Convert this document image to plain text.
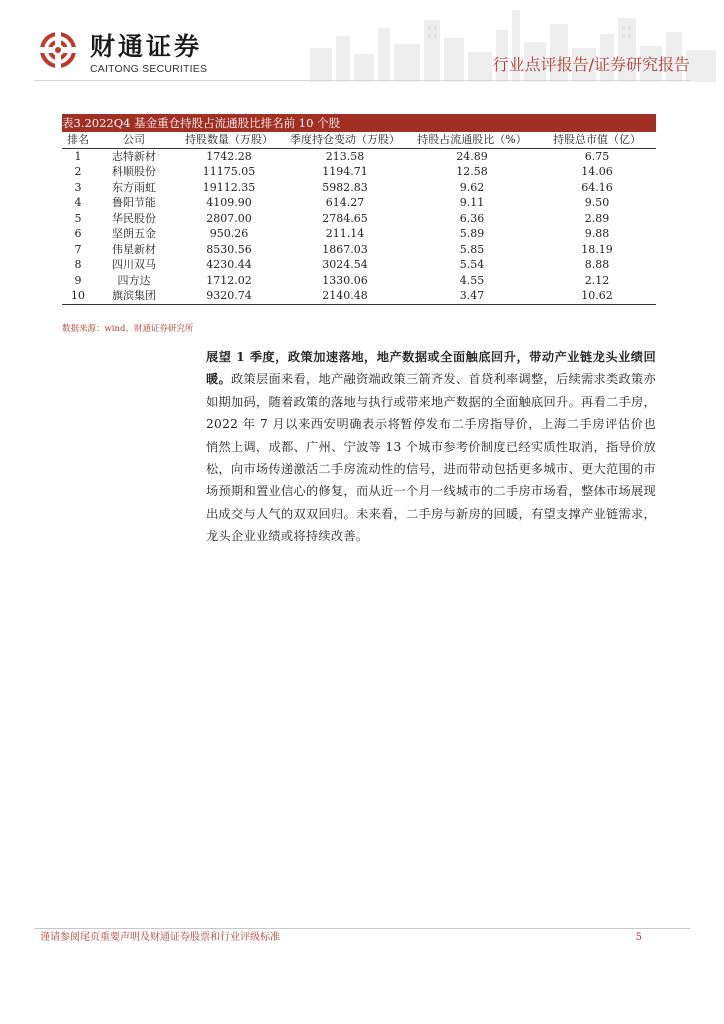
财通证券
CAITONG SECURITIES	行业点评报告/证券研究报告
表3.2022Q4 基金重仓持股占流通股比排名前 10 个股
排名	公司	持股数量（万股）	季度持仓变动（万股）	持股占流通股比（%）	持股总市值（亿）
1	志特新材	1742.28	213.58	24.89	6.75
2	科顺股份	11175.05	1194.71	12.58	14.06
3	东方雨虹	19112.35	5982.83	9.62	64.16
4	鲁阳节能	4109.90	614.27	9.11	9.50
5	华民股份	2807.00	2784.65	6.36	2.89
6	坚朗五金	950.26	211.14	5.89	9.88
7	伟星新材	8530.56	1867.03	5.85	18.19
8	四川双马	4230.44	3024.54	5.54	8.88
9	四方达	1712.02	1330.06	4.55	2.12
10	旗滨集团	9320.74	2140.48	3.47	10.62
数据来源：wind、财通证券研究所
展望 1 季度，政策加速落地，地产数据或全面触底回升，带动产业链龙头业绩回暖。政策层面来看，地产融资端政策三箭齐发、首贷利率调整，后续需求类政策亦如期加码，随着政策的落地与执行或带来地产数据的全面触底回升。再看二手房，2022 年 7 月以来西安明确表示将暂停发布二手房指导价，上海二手房评估价也悄然上调，成都、广州、宁波等 13 个城市参考价制度已经实质性取消，指导价放松，向市场传递激活二手房流动性的信号，进而带动包括更多城市、更大范围的市场预期和置业信心的修复，而从近一个月一线城市的二手房市场看，整体市场展现出成交与人气的双双回归。未来看，二手房与新房的回暖，有望支撑产业链需求，龙头企业业绩或将持续改善。
谨请参阅尾页重要声明及财通证券股票和行业评级标准	5
